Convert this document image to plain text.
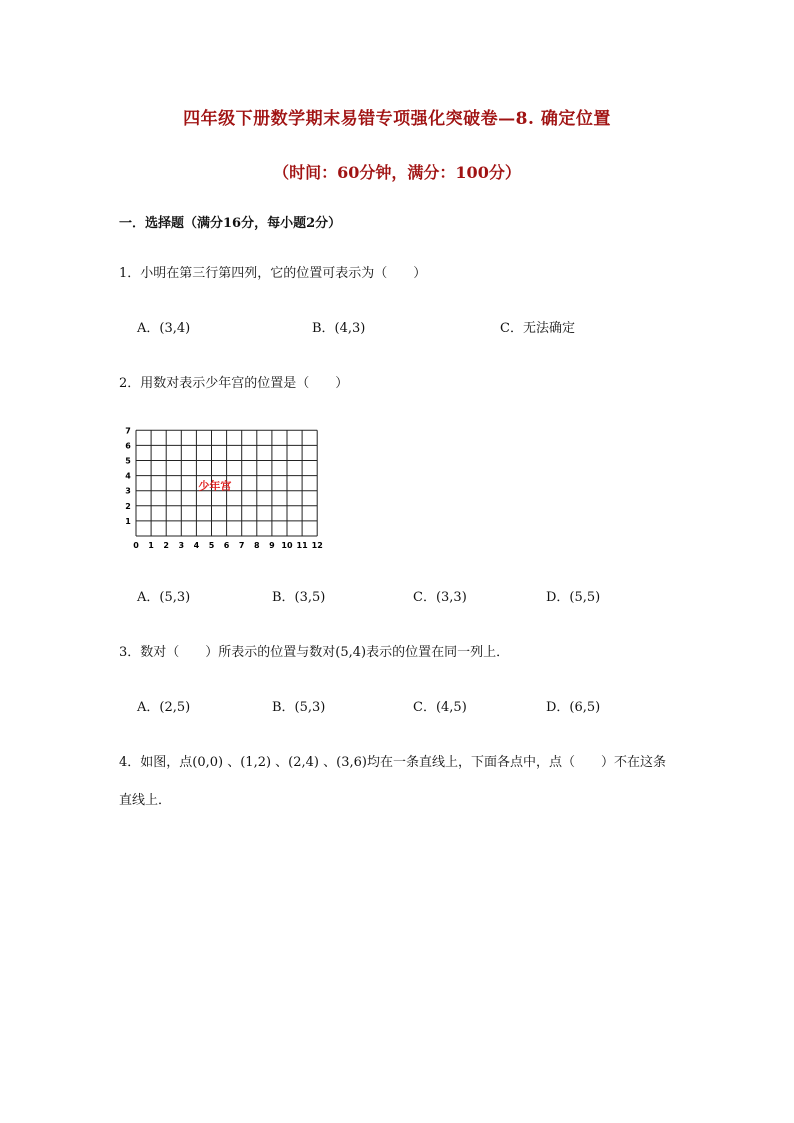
四年级下册数学期末易错专项强化突破卷—8. 确定位置
（时间：60分钟，满分：100分）
一．选择题（满分16分，每小题2分）
1．小明在第三行第四列，它的位置可表示为（　　）
A．(3,4)	B．(4,3)	C．无法确定
2．用数对表示少年宫的位置是（　　）
0 1 2 3 4 5 6 7 8 9 10 11 12
1
2
3
4
5
6
7
少年宫
A．(5,3)	B．(3,5)	C．(3,3)	D．(5,5)
3．数对（　　）所表示的位置与数对(5,4)表示的位置在同一列上．
A．(2,5)	B．(5,3)	C．(4,5)	D．(6,5)
4．如图，点(0,0) 、(1,2) 、(2,4) 、(3,6)均在一条直线上，下面各点中，点（　　）不在这条
直线上．
